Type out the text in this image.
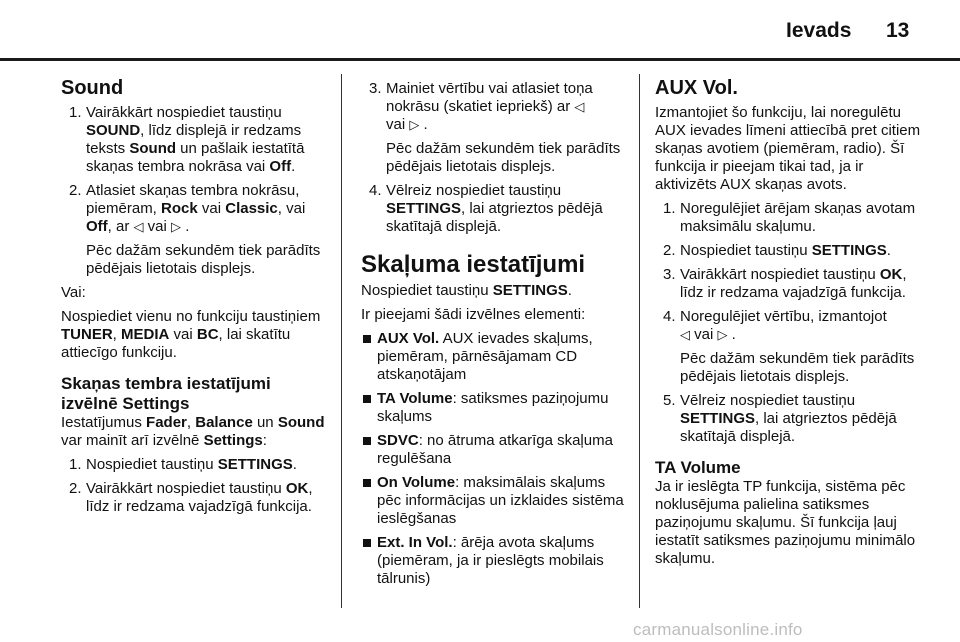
Ievads 13
Sound
1. Vairākkārt nospiediet taustiņu SOUND, līdz displejā ir redzams teksts Sound un pašlaik iestatītā skaņas tembra nokrāsa vai Off.
2. Atlasiet skaņas tembra nokrāsu, piemēram, Rock vai Classic, vai Off, ar ◁ vai ▷ .

Pēc dažām sekundēm tiek parādīts pēdējais lietotais displejs.

Vai:

Nospiediet vienu no funkciju taustiņiem TUNER, MEDIA vai BC, lai skatītu attiecīgo funkciju.

Skaņas tembra iestatījumi izvēlnē Settings

Iestatījumus Fader, Balance un Sound var mainīt arī izvēlnē Settings:

1. Nospiediet taustiņu SETTINGS.
2. Vairākkārt nospiediet taustiņu OK, līdz ir redzama vajadzīgā funkcija.
3. Mainiet vērtību vai atlasiet toņa nokrāsu (skatiet iepriekš) ar ◁
vai ▷ .

Pēc dažām sekundēm tiek parādīts pēdējais lietotais displejs.

4. Vēlreiz nospiediet taustiņu SETTINGS, lai atgrieztos pēdējā skatītajā displejā.
Skaļuma iestatījumi

Nospiediet taustiņu SETTINGS.

Ir pieejami šādi izvēlnes elementi:

AUX Vol. AUX ievades skaļums, piemēram, pārnēsājamam CD atskaņotājam
TA Volume: satiksmes paziņojumu skaļums
SDVC: no ātruma atkarīga skaļuma regulēšana
On Volume: maksimālais skaļums pēc informācijas un izklaides sistēma ieslēgšanas
Ext. In Vol.: ārēja avota skaļums (piemēram, ja ir pieslēgts mobilais tālrunis)
AUX Vol.

Izmantojiet šo funkciju, lai noregulētu AUX ievades līmeni attiecībā pret citiem skaņas avotiem (piemēram, radio). Šī funkcija ir pieejam tikai tad, ja ir aktivizēts AUX skaņas avots.

1. Noregulējiet ārējam skaņas avotam maksimālu skaļumu.
2. Nospiediet taustiņu SETTINGS.
3. Vairākkārt nospiediet taustiņu OK, līdz ir redzama vajadzīgā funkcija.
4. Noregulējiet vērtību, izmantojot
◁ vai ▷ .

Pēc dažām sekundēm tiek parādīts pēdējais lietotais displejs.

5. Vēlreiz nospiediet taustiņu SETTINGS, lai atgrieztos pēdējā skatītajā displejā.
TA Volume

Ja ir ieslēgta TP funkcija, sistēma pēc noklusējuma palielina satiksmes paziņojumu skaļumu. Šī funkcija ļauj iestatīt satiksmes paziņojumu minimālo skaļumu.

carmanualsonline.info
